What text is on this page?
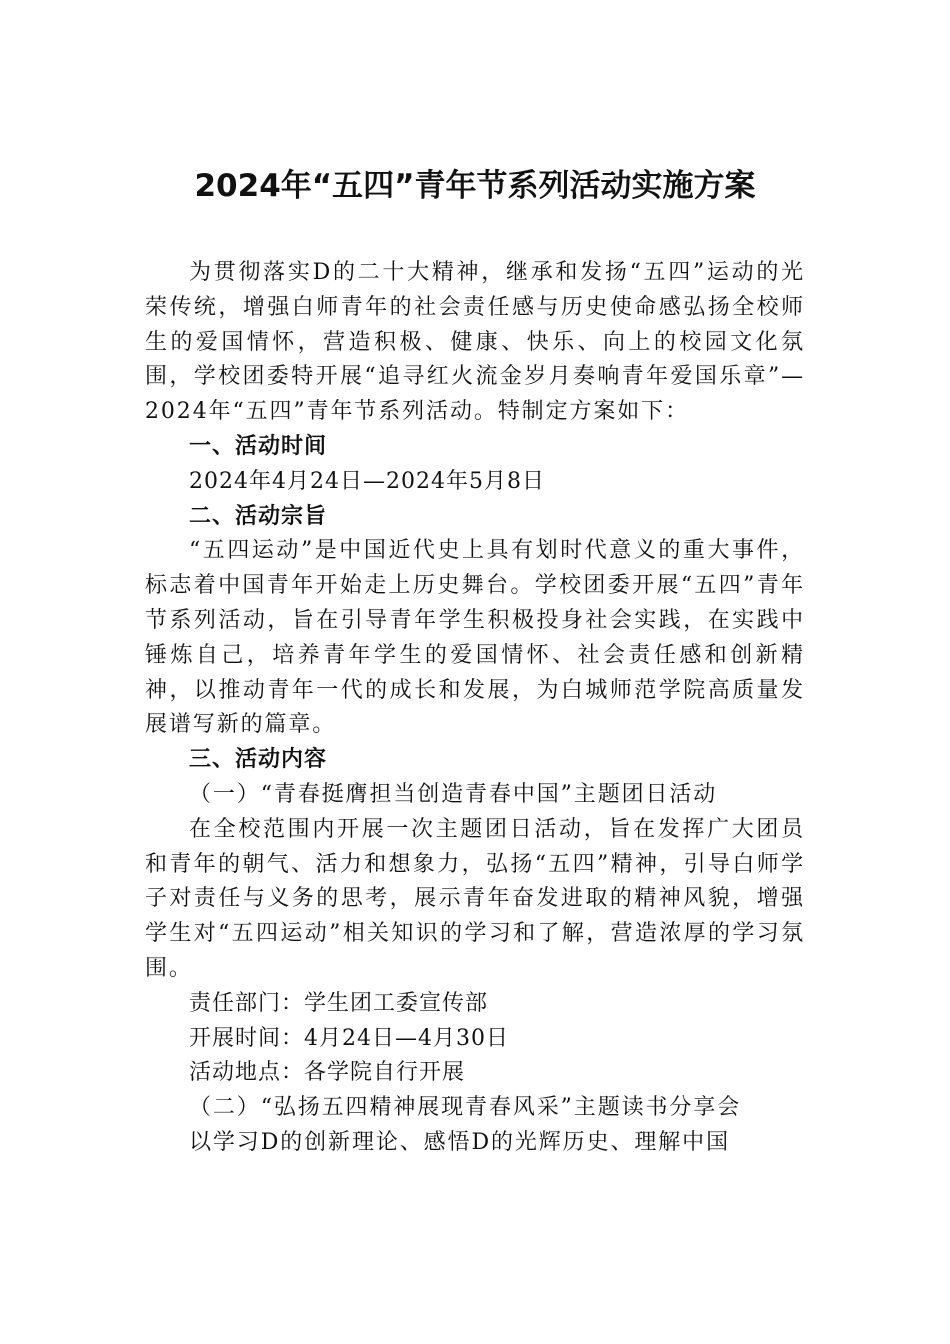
2024年“五四”青年节系列活动实施方案

为贯彻落实D的二十大精神，继承和发扬“五四”运动的光荣传统，增强白师青年的社会责任感与历史使命感弘扬全校师生的爱国情怀，营造积极、健康、快乐、向上的校园文化氛围，学校团委特开展“追寻红火流金岁月奏响青年爱国乐章”—2024年“五四”青年节系列活动。特制定方案如下：

一、活动时间

2024年4月24日—2024年5月8日

二、活动宗旨

“五四运动”是中国近代史上具有划时代意义的重大事件，标志着中国青年开始走上历史舞台。学校团委开展“五四”青年节系列活动，旨在引导青年学生积极投身社会实践，在实践中锤炼自己，培养青年学生的爱国情怀、社会责任感和创新精神，以推动青年一代的成长和发展，为白城师范学院高质量发展谱写新的篇章。

三、活动内容

（一）“青春挺膺担当创造青春中国”主题团日活动

在全校范围内开展一次主题团日活动，旨在发挥广大团员和青年的朝气、活力和想象力，弘扬“五四”精神，引导白师学子对责任与义务的思考，展示青年奋发进取的精神风貌，增强学生对“五四运动”相关知识的学习和了解，营造浓厚的学习氛围。

责任部门：学生团工委宣传部

开展时间：4月24日—4月30日

活动地点：各学院自行开展

（二）“弘扬五四精神展现青春风采”主题读书分享会

以学习D的创新理论、感悟D的光辉历史、理解中国
